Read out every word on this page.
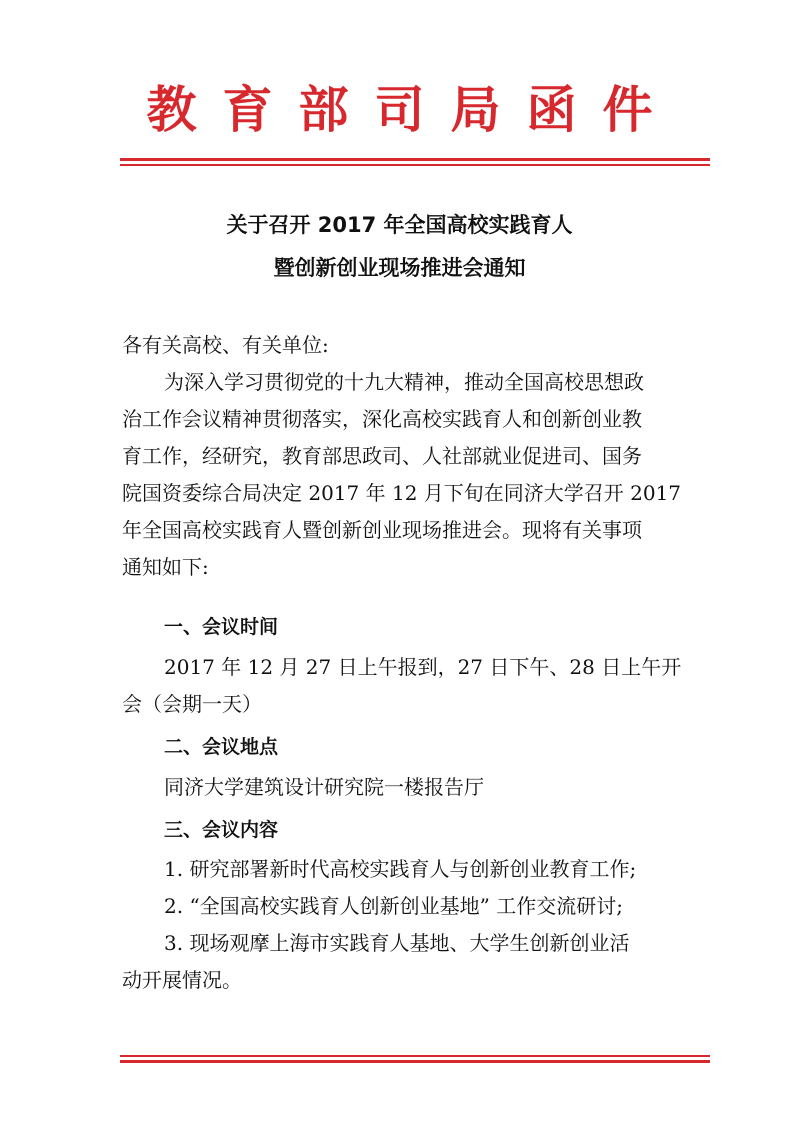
教育部司局函件
关于召开 2017 年全国高校实践育人
暨创新创业现场推进会通知
各有关高校、有关单位:
为深入学习贯彻党的十九大精神，推动全国高校思想政
治工作会议精神贯彻落实，深化高校实践育人和创新创业教
育工作，经研究，教育部思政司、人社部就业促进司、国务
院国资委综合局决定 2017 年 12 月下旬在同济大学召开 2017
年全国高校实践育人暨创新创业现场推进会。现将有关事项
通知如下:
一、会议时间
2017 年 12 月 27 日上午报到，27 日下午、28 日上午开
会（会期一天）
二、会议地点
同济大学建筑设计研究院一楼报告厅
三、会议内容
1. 研究部署新时代高校实践育人与创新创业教育工作;
2. “全国高校实践育人创新创业基地” 工作交流研讨;
3. 现场观摩上海市实践育人基地、大学生创新创业活
动开展情况。
